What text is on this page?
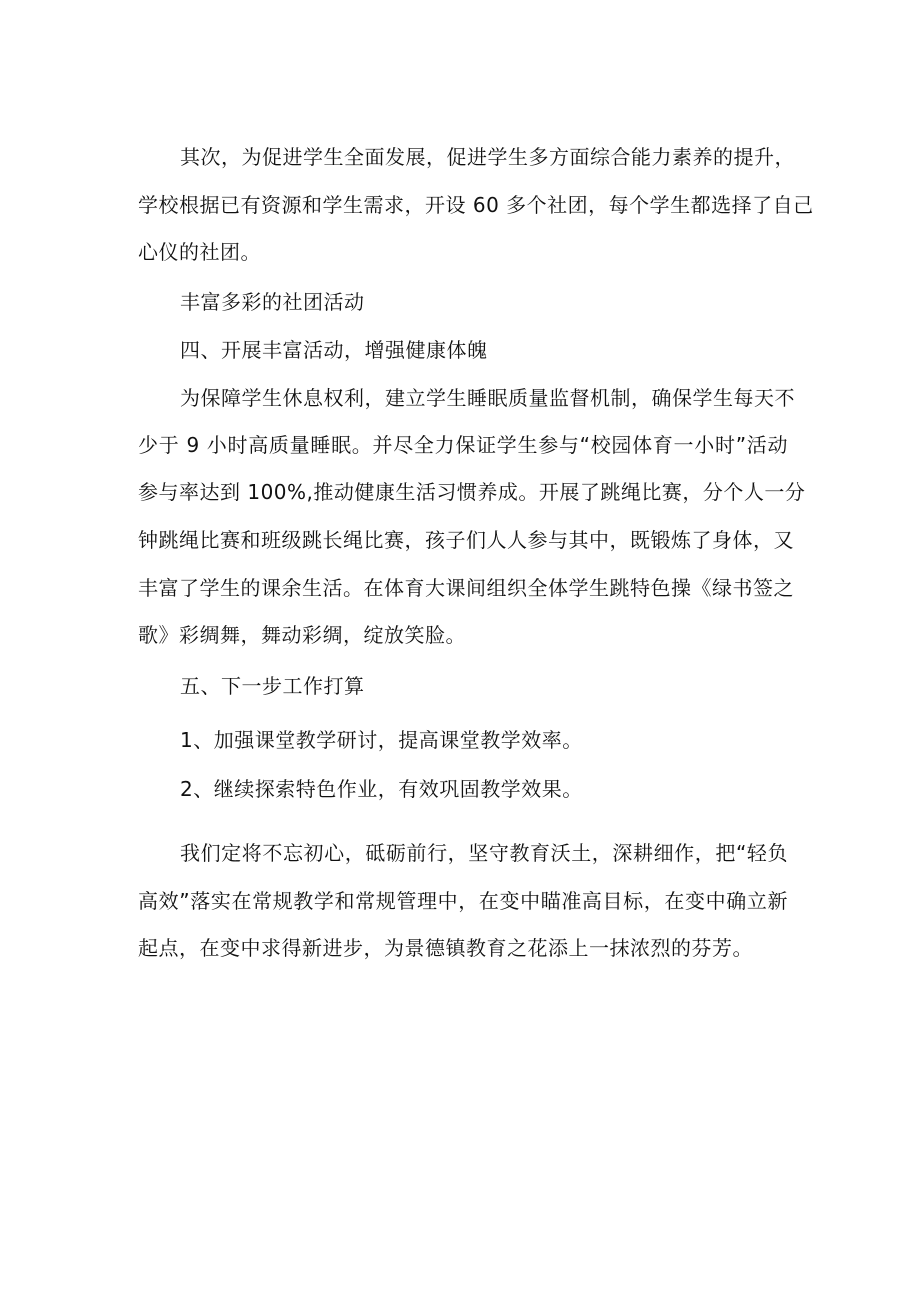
其次，为促进学生全面发展，促进学生多方面综合能力素养的提升，
学校根据已有资源和学生需求，开设 60 多个社团，每个学生都选择了自己
心仪的社团。
丰富多彩的社团活动
四、开展丰富活动，增强健康体魄
为保障学生休息权利，建立学生睡眠质量监督机制，确保学生每天不
少于 9 小时高质量睡眠。并尽全力保证学生参与“校园体育一小时”活动
参与率达到 100%,推动健康生活习惯养成。开展了跳绳比赛，分个人一分
钟跳绳比赛和班级跳长绳比赛，孩子们人人参与其中，既锻炼了身体，又
丰富了学生的课余生活。在体育大课间组织全体学生跳特色操《绿书签之
歌》彩绸舞，舞动彩绸，绽放笑脸。
五、下一步工作打算
1、加强课堂教学研讨，提高课堂教学效率。
2、继续探索特色作业，有效巩固教学效果。
我们定将不忘初心，砥砺前行，坚守教育沃土，深耕细作，把“轻负
高效”落实在常规教学和常规管理中，在变中瞄准高目标，在变中确立新
起点，在变中求得新进步，为景德镇教育之花添上一抹浓烈的芬芳。
